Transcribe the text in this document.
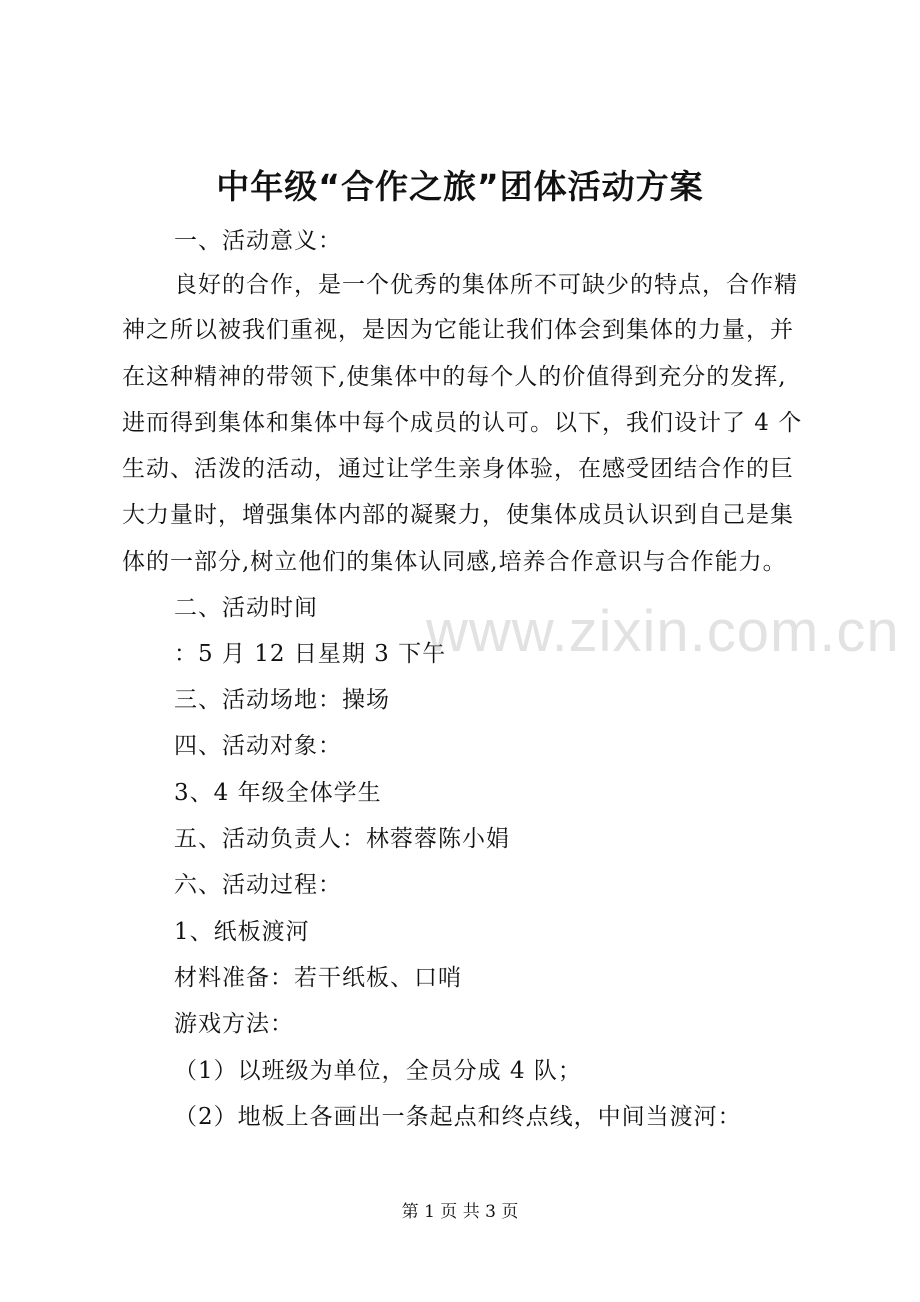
中年级“合作之旅”团体活动方案
一、活动意义：
良好的合作，是一个优秀的集体所不可缺少的特点，合作精
神之所以被我们重视，是因为它能让我们体会到集体的力量，并
在这种精神的带领下,使集体中的每个人的价值得到充分的发挥,
进而得到集体和集体中每个成员的认可。以下，我们设计了 4 个
生动、活泼的活动，通过让学生亲身体验，在感受团结合作的巨
大力量时，增强集体内部的凝聚力，使集体成员认识到自己是集
体的一部分,树立他们的集体认同感,培养合作意识与合作能力。
二、活动时间
：5 月 12 日星期 3 下午
三、活动场地：操场
四、活动对象：
3、4 年级全体学生
五、活动负责人：林蓉蓉陈小娟
六、活动过程：
1、纸板渡河
材料准备：若干纸板、口哨
游戏方法：
（1）以班级为单位，全员分成 4 队；
（2）地板上各画出一条起点和终点线，中间当渡河：
www.zixin.com.cn
第 1 页 共 3 页
